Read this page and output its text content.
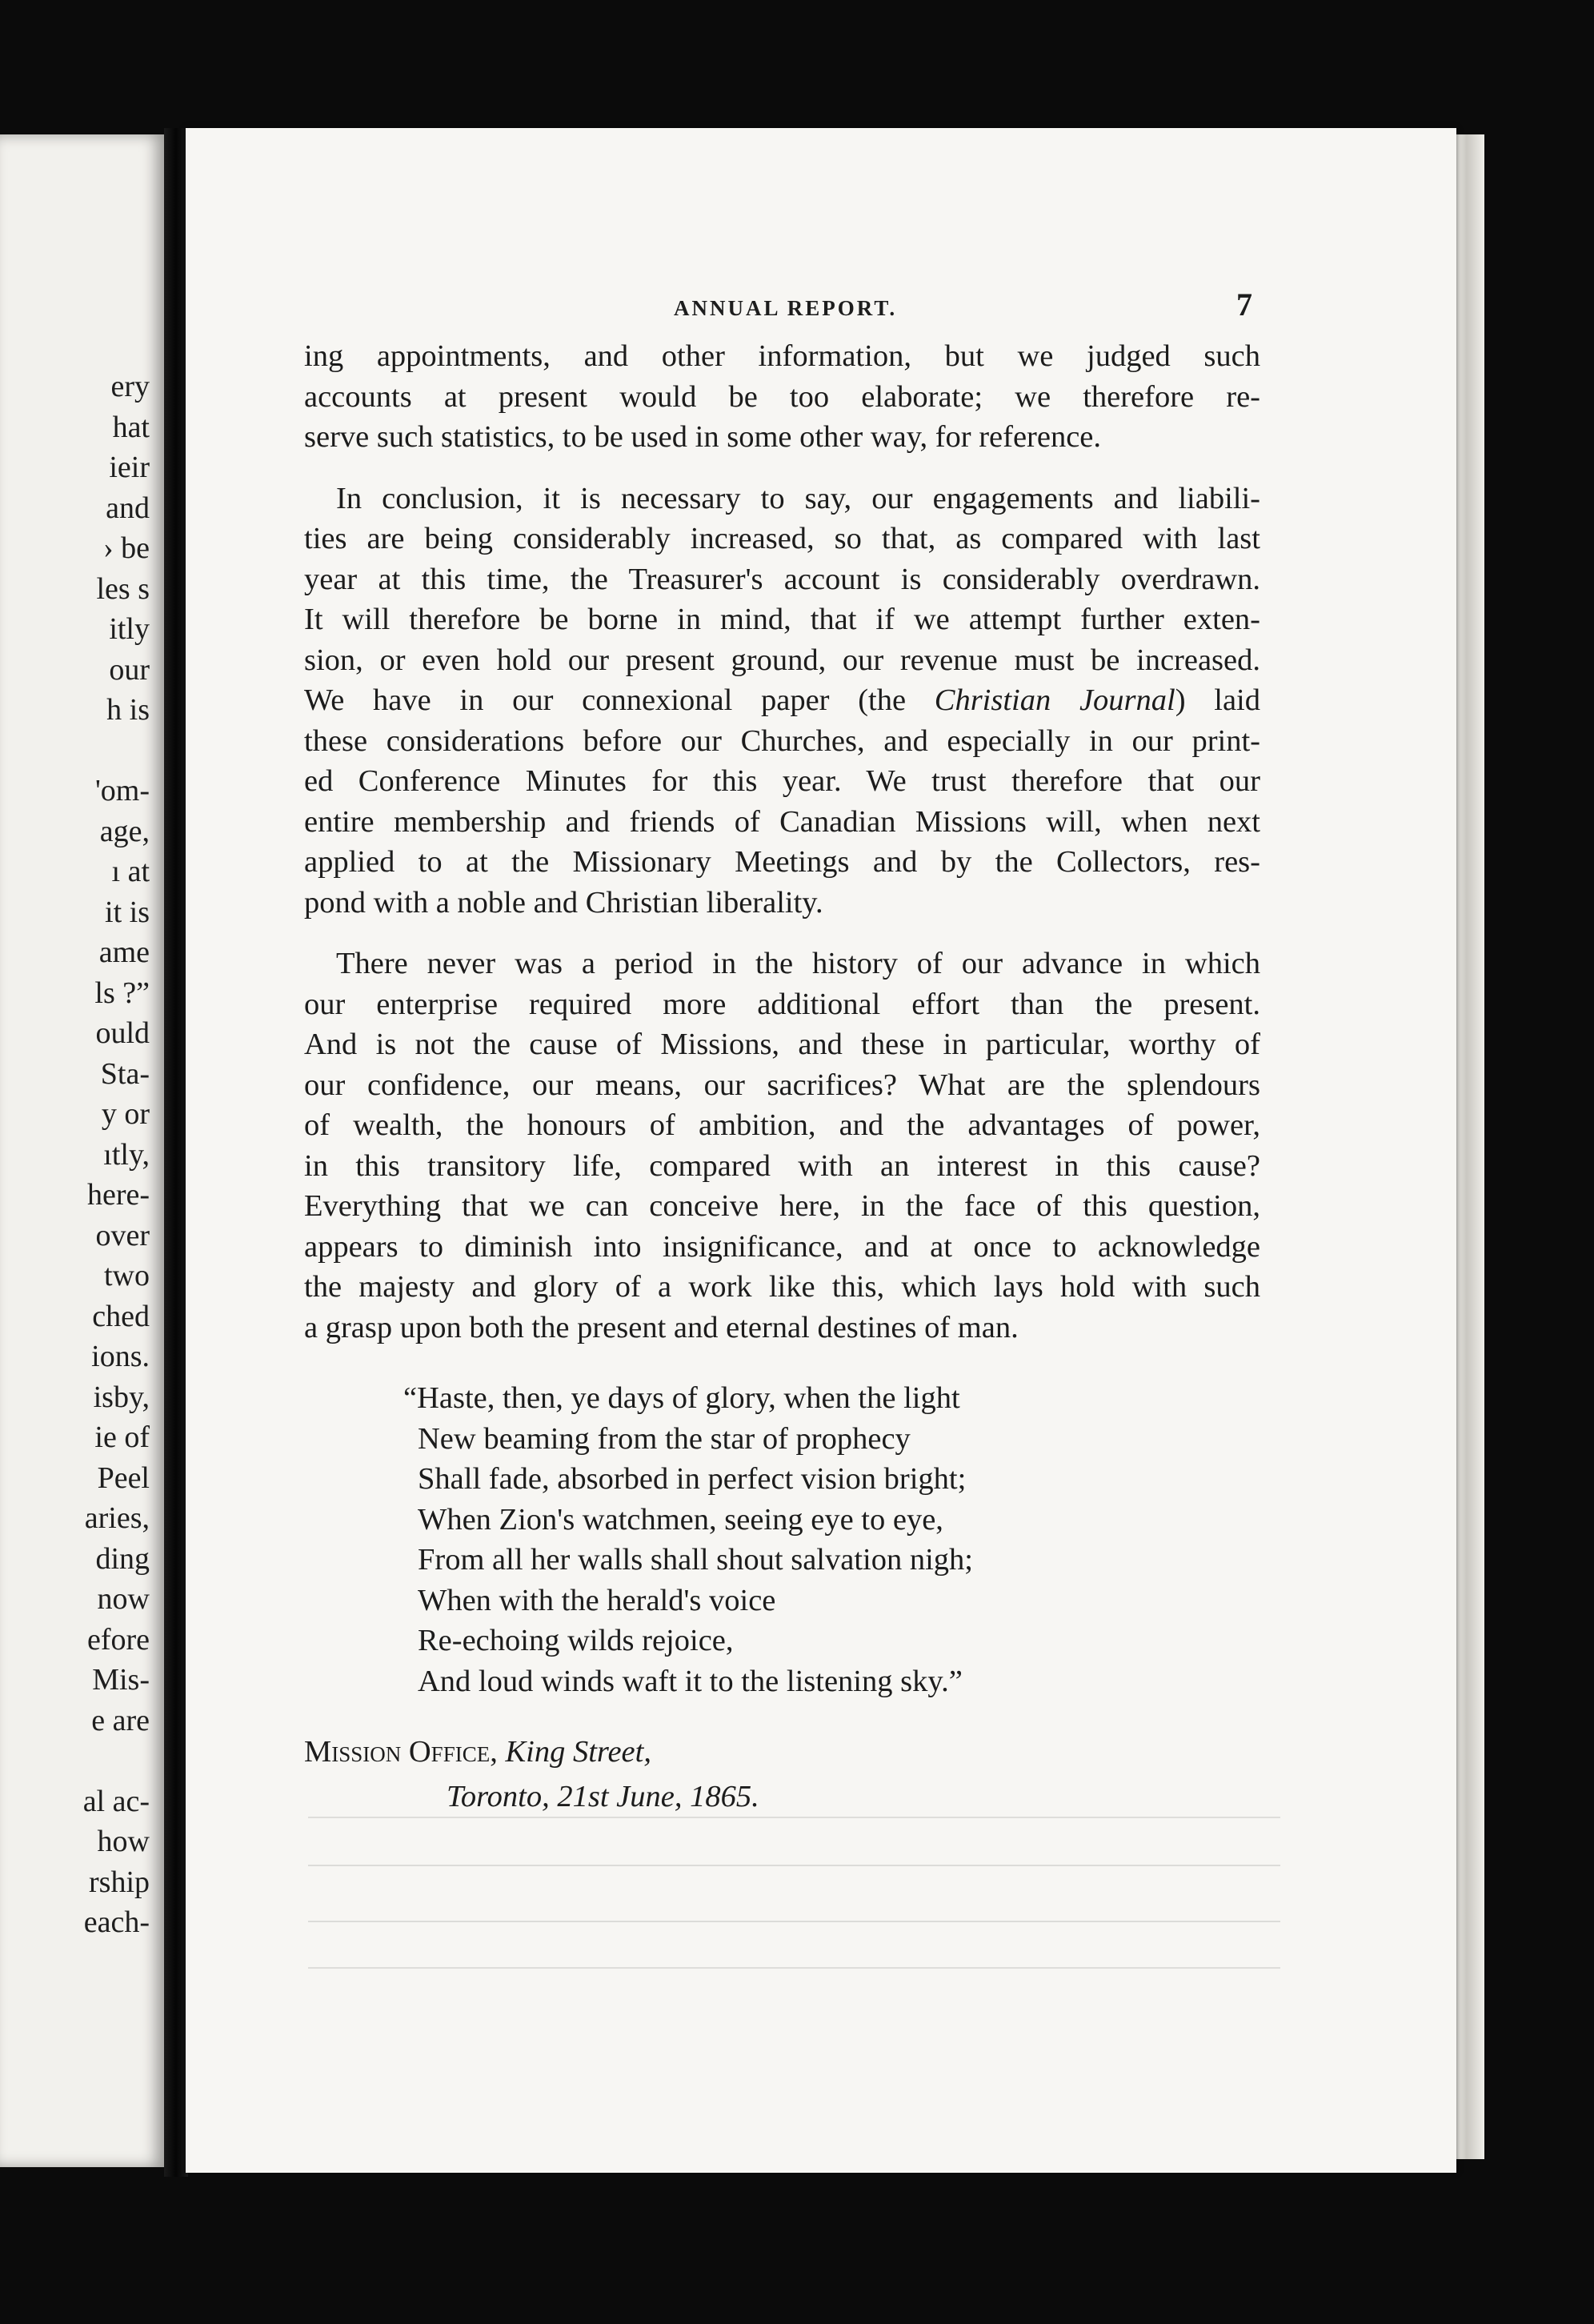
ery
hat
ieir
and
› be
les s
itly
our
h is
'om-
age,
ı at
it is
ame
ls ?”
ould
Sta-
y or
ıtly,
here-
over
two
ched
ions.
isby,
ie of
Peel
aries,
ding
now
efore
Mis-
e are
al ac-
how
rship
each-
ANNUAL REPORT.	7
ing appointments, and other information, but we judged such
accounts at present would be too elaborate; we therefore re-
serve such statistics, to be used in some other way, for reference.
In conclusion, it is necessary to say, our engagements and liabili-
ties are being considerably increased, so that, as compared with last
year at this time, the Treasurer's account is considerably overdrawn.
It will therefore be borne in mind, that if we attempt further exten-
sion, or even hold our present ground, our revenue must be increased.
We have in our connexional paper (the Christian Journal) laid
these considerations before our Churches, and especially in our print-
ed Conference Minutes for this year. We trust therefore that our
entire membership and friends of Canadian Missions will, when next
applied to at the Missionary Meetings and by the Collectors, res-
pond with a noble and Christian liberality.
There never was a period in the history of our advance in which
our enterprise required more additional effort than the present.
And is not the cause of Missions, and these in particular, worthy of
our confidence, our means, our sacrifices? What are the splendours
of wealth, the honours of ambition, and the advantages of power,
in this transitory life, compared with an interest in this cause?
Everything that we can conceive here, in the face of this question,
appears to diminish into insignificance, and at once to acknowledge
the majesty and glory of a work like this, which lays hold with such
a grasp upon both the present and eternal destines of man.
“Haste, then, ye days of glory, when the light
New beaming from the star of prophecy
Shall fade, absorbed in perfect vision bright;
When Zion's watchmen, seeing eye to eye,
From all her walls shall shout salvation nigh;
When with the herald's voice
Re-echoing wilds rejoice,
And loud winds waft it to the listening sky.”
Mission Office, King Street,
Toronto, 21st June, 1865.
